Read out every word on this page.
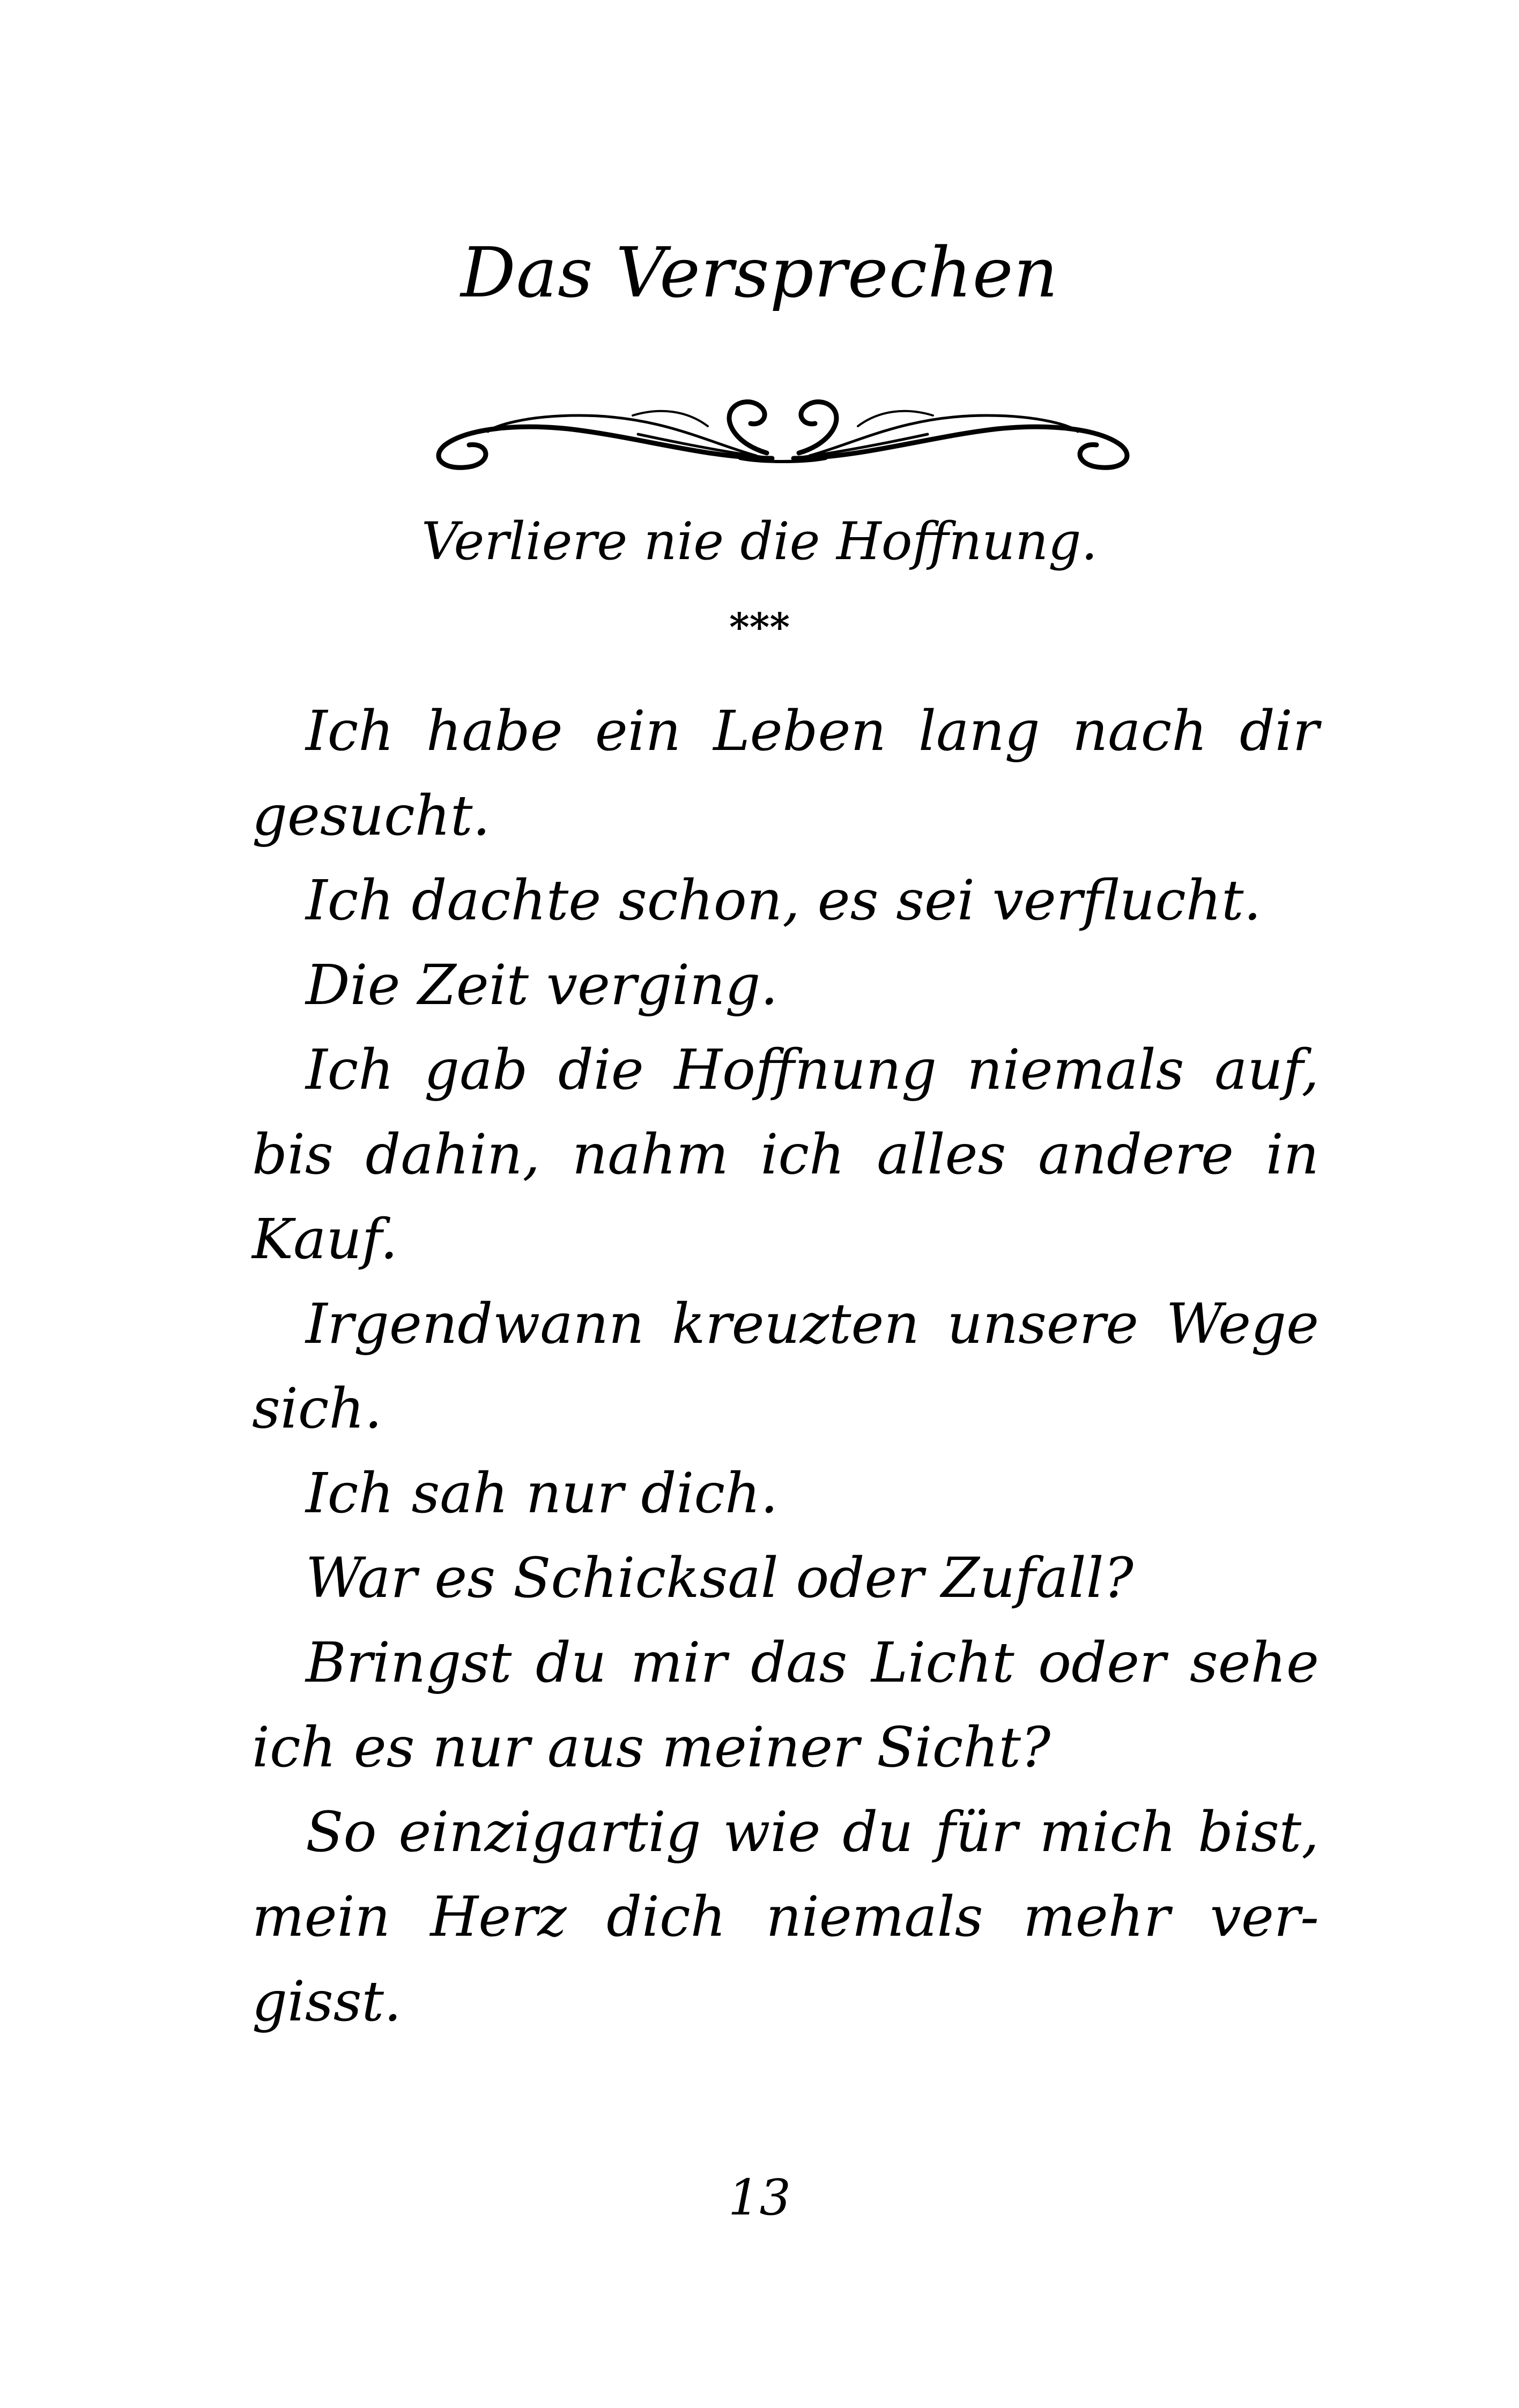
Das Versprechen
Verliere nie die Hoffnung.
***
Ich habe ein Leben lang nach dir
gesucht.
Ich dachte schon, es sei verflucht.
Die Zeit verging.
Ich gab die Hoffnung niemals auf,
bis dahin, nahm ich alles andere in
Kauf.
Irgendwann kreuzten unsere Wege
sich.
Ich sah nur dich.
War es Schicksal oder Zufall?
Bringst du mir das Licht oder sehe
ich es nur aus meiner Sicht?
So einzigartig wie du für mich bist,
mein Herz dich niemals mehr ver-
gisst.
13
